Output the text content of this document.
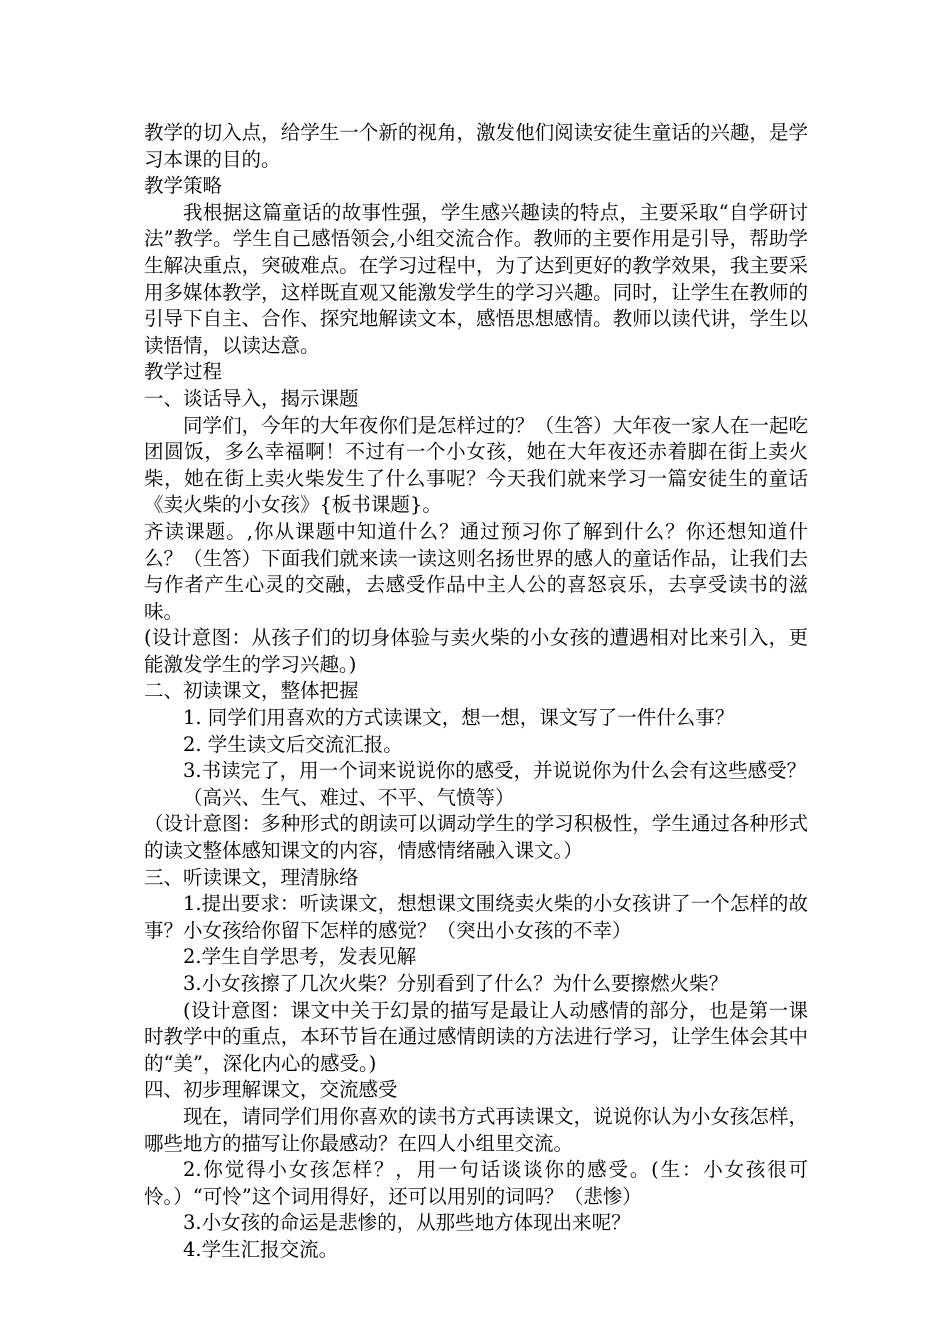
教学的切入点，给学生一个新的视角，激发他们阅读安徒生童话的兴趣，是学习本课的目的。

教学策略

我根据这篇童话的故事性强，学生感兴趣读的特点，主要采取“自学研讨法”教学。学生自己感悟领会,小组交流合作。教师的主要作用是引导，帮助学生解决重点，突破难点。在学习过程中，为了达到更好的教学效果，我主要采用多媒体教学，这样既直观又能激发学生的学习兴趣。同时，让学生在教师的引导下自主、合作、探究地解读文本，感悟思想感情。教师以读代讲，学生以读悟情，以读达意。

教学过程

一、谈话导入，揭示课题

同学们，今年的大年夜你们是怎样过的？（生答）大年夜一家人在一起吃团圆饭，多么幸福啊！不过有一个小女孩，她在大年夜还赤着脚在街上卖火柴，她在街上卖火柴发生了什么事呢？今天我们就来学习一篇安徒生的童话《卖火柴的小女孩》{板书课题}。

齐读课题。,你从课题中知道什么？通过预习你了解到什么？你还想知道什么？（生答）下面我们就来读一读这则名扬世界的感人的童话作品，让我们去与作者产生心灵的交融，去感受作品中主人公的喜怒哀乐，去享受读书的滋味。

(设计意图：从孩子们的切身体验与卖火柴的小女孩的遭遇相对比来引入，更能激发学生的学习兴趣。)

二、初读课文，整体把握

1. 同学们用喜欢的方式读课文，想一想，课文写了一件什么事？

2. 学生读文后交流汇报。

3.书读完了，用一个词来说说你的感受，并说说你为什么会有这些感受？

（高兴、生气、难过、不平、气愤等）

（设计意图：多种形式的朗读可以调动学生的学习积极性，学生通过各种形式的读文整体感知课文的内容，情感情绪融入课文。）

三、听读课文，理清脉络

1.提出要求：听读课文，想想课文围绕卖火柴的小女孩讲了一个怎样的故事？小女孩给你留下怎样的感觉？（突出小女孩的不幸）

2.学生自学思考，发表见解

3.小女孩擦了几次火柴？分别看到了什么？为什么要擦燃火柴？

(设计意图：课文中关于幻景的描写是最让人动感情的部分，也是第一课时教学中的重点，本环节旨在通过感情朗读的方法进行学习，让学生体会其中的“美”，深化内心的感受。)

四、初步理解课文，交流感受

现在，请同学们用你喜欢的读书方式再读课文，说说你认为小女孩怎样，哪些地方的描写让你最感动？在四人小组里交流。

2.你觉得小女孩怎样？，用一句话谈谈你的感受。(生：小女孩很可怜。）“可怜”这个词用得好，还可以用别的词吗？（悲惨）

3.小女孩的命运是悲惨的，从那些地方体现出来呢？

4.学生汇报交流。
